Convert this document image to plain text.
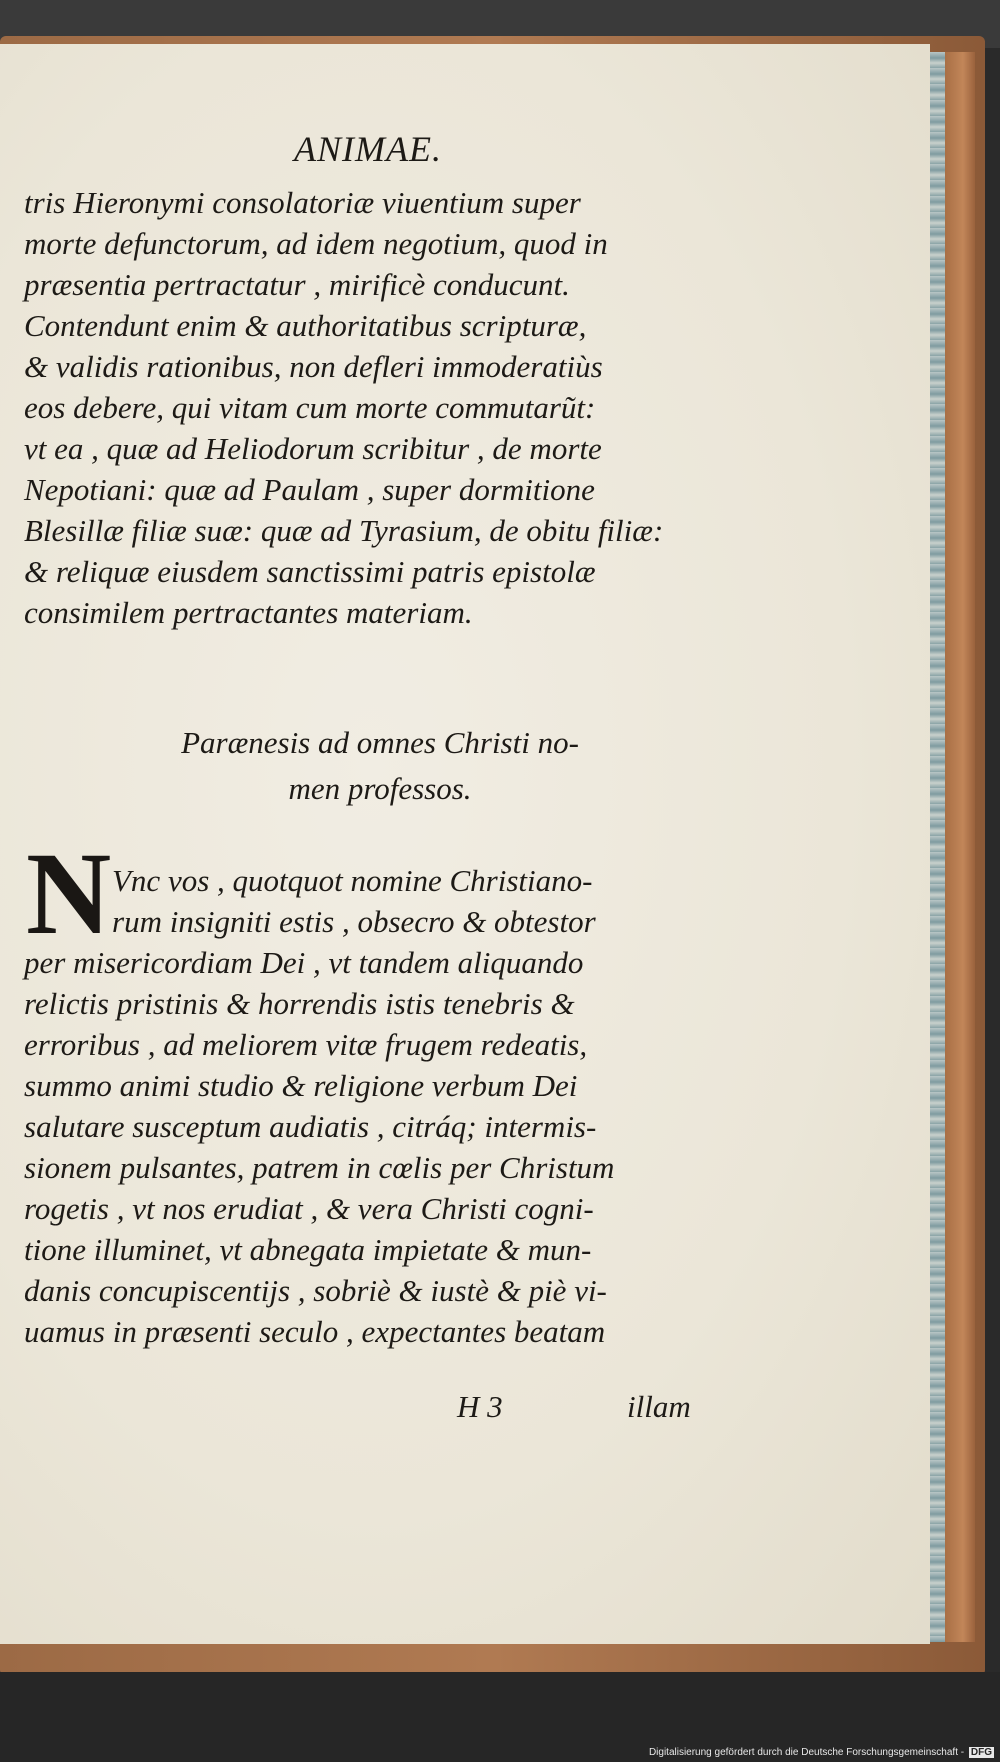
ANIMAE.
tris Hieronymi consolatoriæ viuentium super
morte defunctorum, ad idem negotium, quod in
præsentia pertractatur , mirificè conducunt.
Contendunt enim & authoritatibus scripturæ,
& validis rationibus, non defleri immoderatiùs
eos debere, qui vitam cum morte commutarũt:
vt ea , quæ ad Heliodorum scribitur , de morte
Nepotiani: quæ ad Paulam , super dormitione
Blesillæ filiæ suæ: quæ ad Tyrasium, de obitu filiæ:
& reliquæ eiusdem sanctissimi patris epistolæ
consimilem pertractantes materiam.
Parænesis ad omnes Christi no-
men professos.
N Vnc vos , quotquot nomine Christiano-
rum insigniti estis , obsecro & obtestor
per misericordiam Dei , vt tandem aliquando
relictis pristinis & horrendis istis tenebris &
erroribus , ad meliorem vitæ frugem redeatis,
summo animi studio & religione verbum Dei
salutare susceptum audiatis , citráq; intermis-
sionem pulsantes, patrem in cœlis per Christum
rogetis , vt nos erudiat , & vera Christi cogni-
tione illuminet, vt abnegata impietate & mun-
danis concupiscentijs , sobriè & iustè & piè vi-
uamus in præsenti seculo , expectantes beatam
H 3	illam
Digitalisierung gefördert durch die Deutsche Forschungsgemeinschaft - DFG
